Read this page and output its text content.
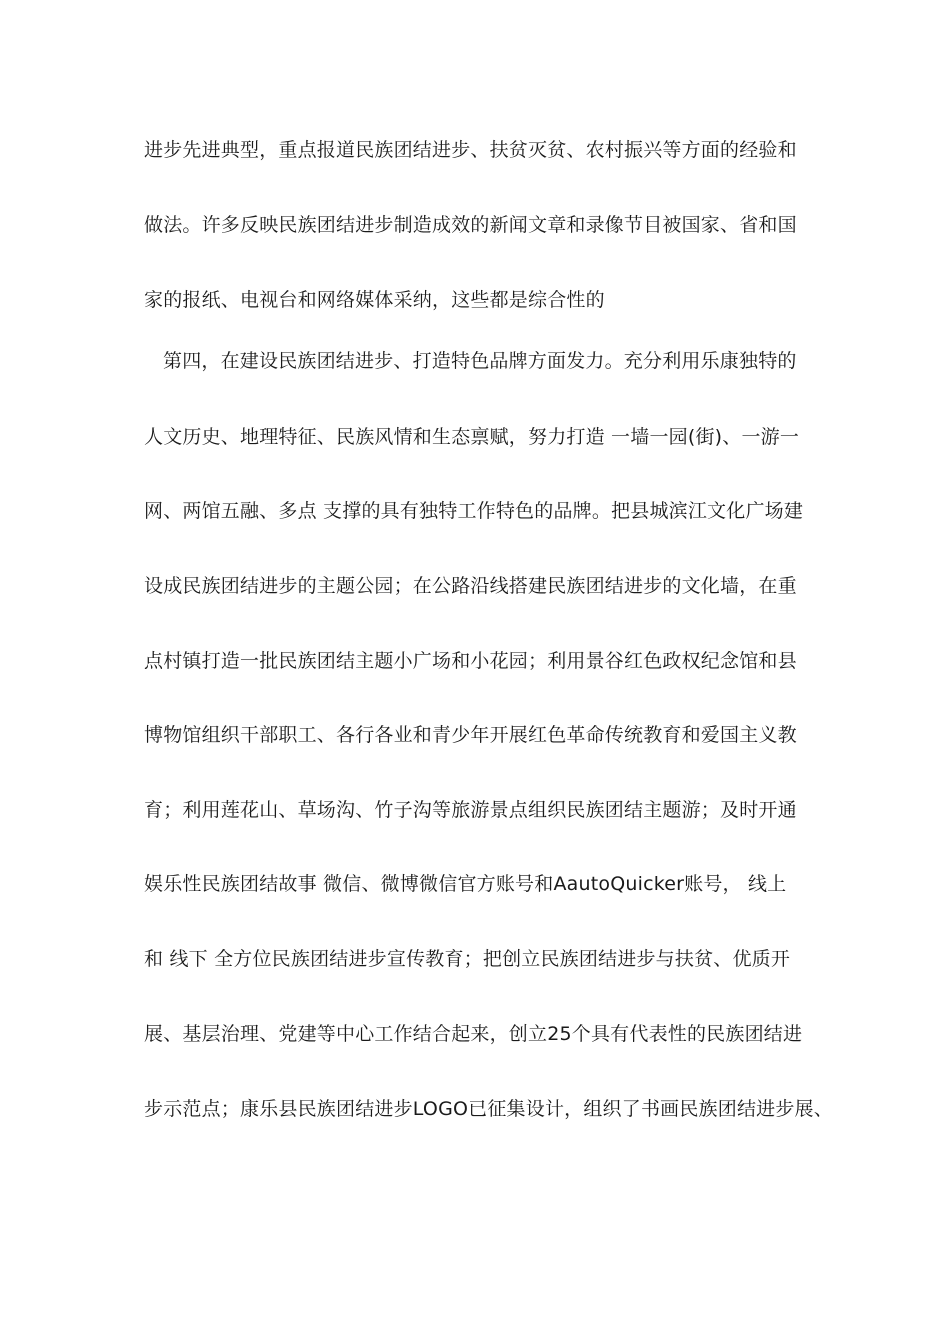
进步先进典型，重点报道民族团结进步、扶贫灭贫、农村振兴等方面的经验和
做法。许多反映民族团结进步制造成效的新闻文章和录像节目被国家、省和国
家的报纸、电视台和网络媒体采纳，这些都是综合性的
第四，在建设民族团结进步、打造特色品牌方面发力。充分利用乐康独特的
人文历史、地理特征、民族风情和生态禀赋，努力打造 一墙一园(街)、一游一
网、两馆五融、多点 支撑的具有独特工作特色的品牌。把县城滨江文化广场建
设成民族团结进步的主题公园；在公路沿线搭建民族团结进步的文化墙，在重
点村镇打造一批民族团结主题小广场和小花园；利用景谷红色政权纪念馆和县
博物馆组织干部职工、各行各业和青少年开展红色革命传统教育和爱国主义教
育；利用莲花山、草场沟、竹子沟等旅游景点组织民族团结主题游；及时开通
娱乐性民族团结故事 微信、微博微信官方账号和AautoQuicker账号， 线上
和 线下 全方位民族团结进步宣传教育；把创立民族团结进步与扶贫、优质开
展、基层治理、党建等中心工作结合起来，创立25个具有代表性的民族团结进
步示范点；康乐县民族团结进步LOGO已征集设计，组织了书画民族团结进步展、
